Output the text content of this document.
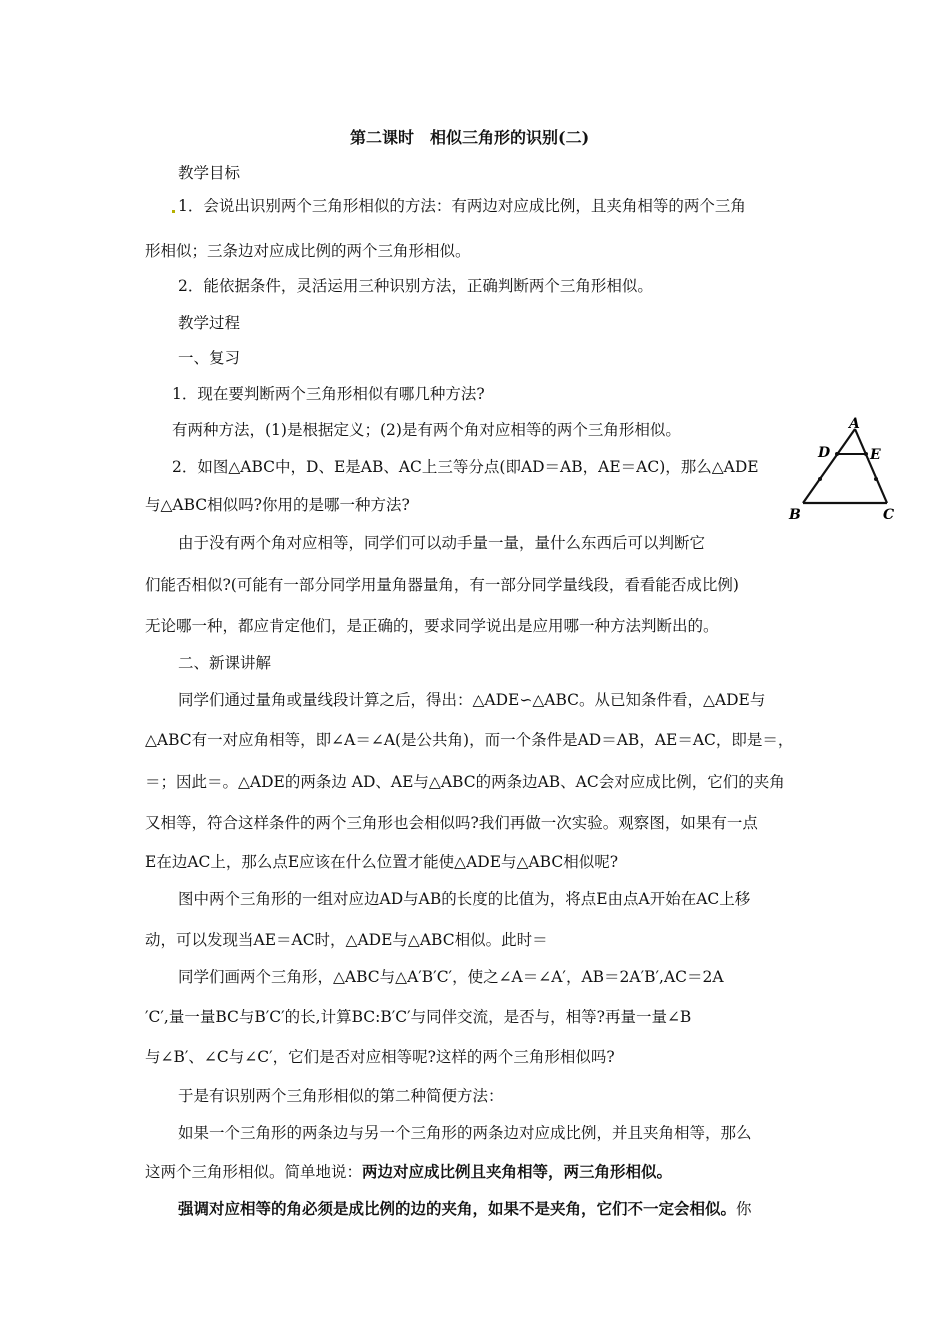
第二课时　相似三角形的识别(二)
教学目标
1．会说出识别两个三角形相似的方法：有两边对应成比例，且夹角相等的两个三角
形相似；三条边对应成比例的两个三角形相似。
2．能依据条件，灵活运用三种识别方法，正确判断两个三角形相似。
教学过程
一、复习
1．现在要判断两个三角形相似有哪几种方法?
有两种方法，(1)是根据定义；(2)是有两个角对应相等的两个三角形相似。
2．如图△ABC中，D、E是AB、AC上三等分点(即AD＝AB，AE＝AC)，那么△ADE
与△ABC相似吗?你用的是哪一种方法?
由于没有两个角对应相等，同学们可以动手量一量，量什么东西后可以判断它
们能否相似?(可能有一部分同学用量角器量角，有一部分同学量线段，看看能否成比例)
无论哪一种，都应肯定他们，是正确的，要求同学说出是应用哪一种方法判断出的。
二、新课讲解
同学们通过量角或量线段计算之后，得出：△ADE∽△ABC。从已知条件看，△ADE与
△ABC有一对应角相等，即∠A＝∠A(是公共角)，而一个条件是AD＝AB，AE＝AC，即是＝，
＝；因此＝。△ADE的两条边 AD、AE与△ABC的两条边AB、AC会对应成比例，它们的夹角
又相等，符合这样条件的两个三角形也会相似吗?我们再做一次实验。观察图，如果有一点
E在边AC上，那么点E应该在什么位置才能使△ADE与△ABC相似呢?
图中两个三角形的一组对应边AD与AB的长度的比值为，将点E由点A开始在AC上移
动，可以发现当AE＝AC时，△ADE与△ABC相似。此时＝
同学们画两个三角形，△ABC与△A′B′C′，使之∠A＝∠A′，AB＝2A′B′,AC＝2A
′C′,量一量BC与B′C′的长,计算BC:B′C′与同伴交流，是否与，相等?再量一量∠B
与∠B′、∠C与∠C′，它们是否对应相等呢?这样的两个三角形相似吗?
于是有识别两个三角形相似的第二种简便方法：
如果一个三角形的两条边与另一个三角形的两条边对应成比例，并且夹角相等，那么
这两个三角形相似。简单地说：两边对应成比例且夹角相等，两三角形相似。
强调对应相等的角必须是成比例的边的夹角，如果不是夹角，它们不一定会相似。你
A
D	E
B	C
